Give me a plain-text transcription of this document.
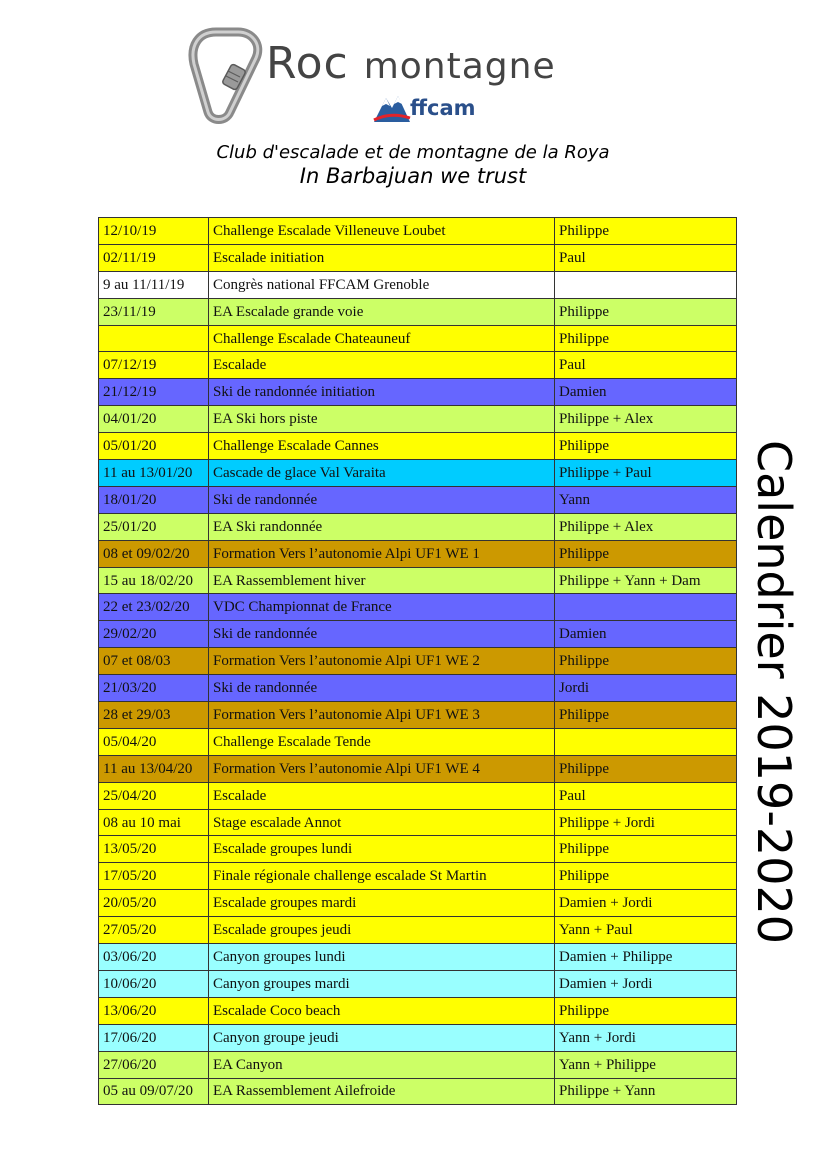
Roc montagne
ffcam
Club d'escalade et de montagne de la Roya
In Barbajuan we trust
12/10/19	Challenge Escalade Villeneuve Loubet	Philippe
02/11/19	Escalade initiation	Paul
9 au 11/11/19	Congrès national FFCAM Grenoble	
23/11/19	EA Escalade grande voie	Philippe
	Challenge Escalade Chateauneuf	Philippe
07/12/19	Escalade	Paul
21/12/19	Ski de randonnée initiation	Damien
04/01/20	EA Ski hors piste	Philippe + Alex
05/01/20	Challenge Escalade Cannes	Philippe
11 au 13/01/20	Cascade de glace Val Varaita	Philippe + Paul
18/01/20	Ski de randonnée	Yann
25/01/20	EA Ski randonnée	Philippe + Alex
08 et 09/02/20	Formation Vers l’autonomie Alpi UF1 WE 1	Philippe
15 au 18/02/20	EA Rassemblement hiver	Philippe + Yann + Dam
22 et 23/02/20	VDC Championnat de France	
29/02/20	Ski de randonnée	Damien
07 et 08/03	Formation Vers l’autonomie Alpi UF1 WE 2	Philippe
21/03/20	Ski de randonnée	Jordi
28 et 29/03	Formation Vers l’autonomie Alpi UF1 WE 3	Philippe
05/04/20	Challenge Escalade Tende	
11 au 13/04/20	Formation Vers l’autonomie Alpi UF1 WE 4	Philippe
25/04/20	Escalade	Paul
08 au 10 mai	Stage escalade Annot	Philippe + Jordi
13/05/20	Escalade groupes lundi	Philippe
17/05/20	Finale régionale challenge escalade St Martin	Philippe
20/05/20	Escalade groupes mardi	Damien + Jordi
27/05/20	Escalade groupes jeudi	Yann + Paul
03/06/20	Canyon groupes lundi	Damien + Philippe
10/06/20	Canyon groupes mardi	Damien + Jordi
13/06/20	Escalade Coco beach	Philippe
17/06/20	Canyon groupe jeudi	Yann + Jordi
27/06/20	EA Canyon	Yann + Philippe
05 au 09/07/20	EA Rassemblement Ailefroide	Philippe + Yann
Calendrier 2019-2020
